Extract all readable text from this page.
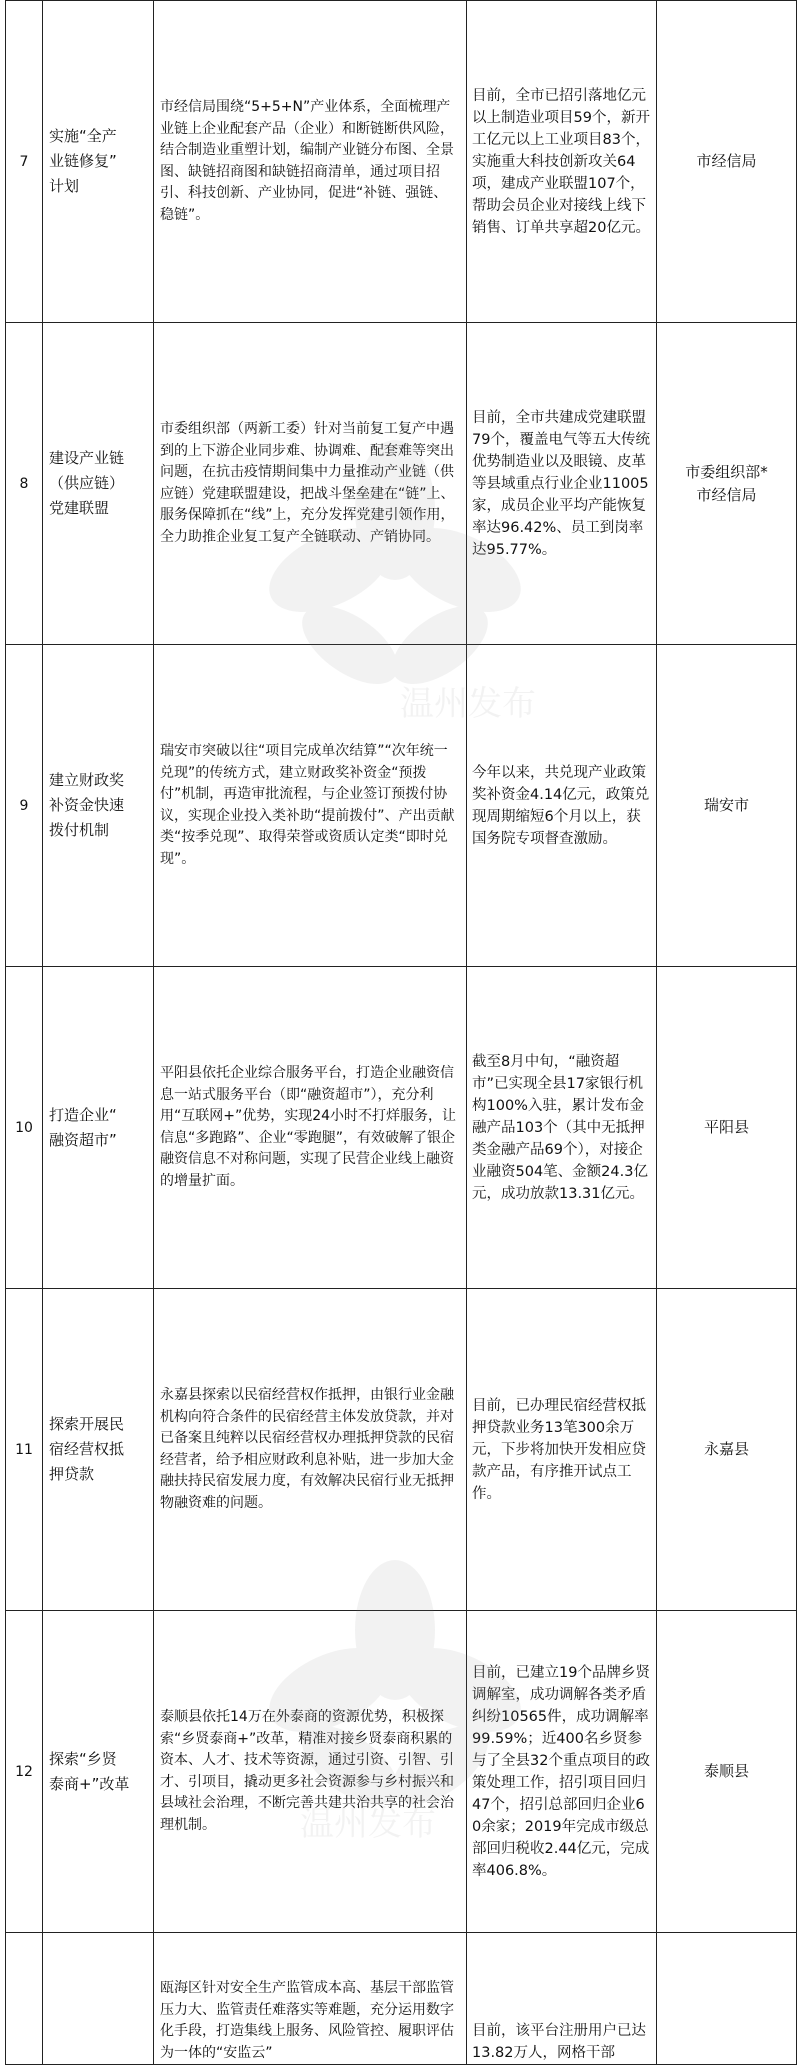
7	实施“全产
业链修复”
计划	市经信局围绕“5+5+N”产业体系，全面梳理产业链上企业配套产品（企业）和断链断供风险，结合制造业重塑计划，编制产业链分布图、全景图、缺链招商图和缺链招商清单，通过项目招引、科技创新、产业协同，促进“补链、强链、稳链”。	目前，全市已招引落地亿元以上制造业项目59个，新开工亿元以上工业项目83个，实施重大科技创新攻关64项，建成产业联盟107个，帮助会员企业对接线上线下销售、订单共享超20亿元。	市经信局

8	建设产业链
（供应链）
党建联盟	市委组织部（两新工委）针对当前复工复产中遇到的上下游企业同步难、协调难、配套难等突出问题，在抗击疫情期间集中力量推动产业链（供应链）党建联盟建设，把战斗堡垒建在“链”上、服务保障抓在“线”上，充分发挥党建引领作用，全力助推企业复工复产全链联动、产销协同。	目前，全市共建成党建联盟79个，覆盖电气等五大传统优势制造业以及眼镜、皮革等县域重点行业企业11005家，成员企业平均产能恢复率达96.42%、员工到岗率达95.77%。	市委组织部*
市经信局

9	建立财政奖
补资金快速
拨付机制	瑞安市突破以往“项目完成单次结算”“次年统一兑现”的传统方式，建立财政奖补资金“预拨付”机制，再造审批流程，与企业签订预拨付协议，实现企业投入类补助“提前拨付”、产出贡献类“按季兑现”、取得荣誉或资质认定类“即时兑现”。	今年以来，共兑现产业政策奖补资金4.14亿元，政策兑现周期缩短6个月以上，获国务院专项督查激励。	瑞安市

10	打造企业“
融资超市”	平阳县依托企业综合服务平台，打造企业融资信息一站式服务平台（即“融资超市”），充分利用“互联网+”优势，实现24小时不打烊服务，让信息“多跑路”、企业“零跑腿”，有效破解了银企融资信息不对称问题，实现了民营企业线上融资的增量扩面。	截至8月中旬，“融资超市”已实现全县17家银行机构100%入驻，累计发布金融产品103个（其中无抵押类金融产品69个），对接企业融资504笔、金额24.3亿元，成功放款13.31亿元。	平阳县

11	探索开展民
宿经营权抵
押贷款	永嘉县探索以民宿经营权作抵押，由银行业金融机构向符合条件的民宿经营主体发放贷款，并对已备案且纯粹以民宿经营权办理抵押贷款的民宿经营者，给予相应财政利息补贴，进一步加大金融扶持民宿发展力度，有效解决民宿行业无抵押物融资难的问题。	目前，已办理民宿经营权抵押贷款业务13笔300余万元，下步将加快开发相应贷款产品，有序推开试点工作。	永嘉县

12	探索“乡贤
泰商+”改革	泰顺县依托14万在外泰商的资源优势，积极探索“乡贤泰商+”改革，精准对接乡贤泰商积累的资本、人才、技术等资源，通过引资、引智、引才、引项目，撬动更多社会资源参与乡村振兴和县域社会治理，不断完善共建共治共享的社会治理机制。	目前，已建立19个品牌乡贤调解室，成功调解各类矛盾纠纷10565件，成功调解率99.59%；近400名乡贤参与了全县32个重点项目的政策处理工作，招引项目回归47个，招引总部回归企业60余家；2019年完成市级总部回归税收2.44亿元，完成率406.8%。	泰顺县

		瓯海区针对安全生产监管成本高、基层干部监管压力大、监管责任难落实等难题，充分运用数字化手段，打造集线上服务、风险管控、履职评估为一体的“安监云”	目前，该平台注册用户已达13.82万人，网格干部	

温州发布
温州发布
